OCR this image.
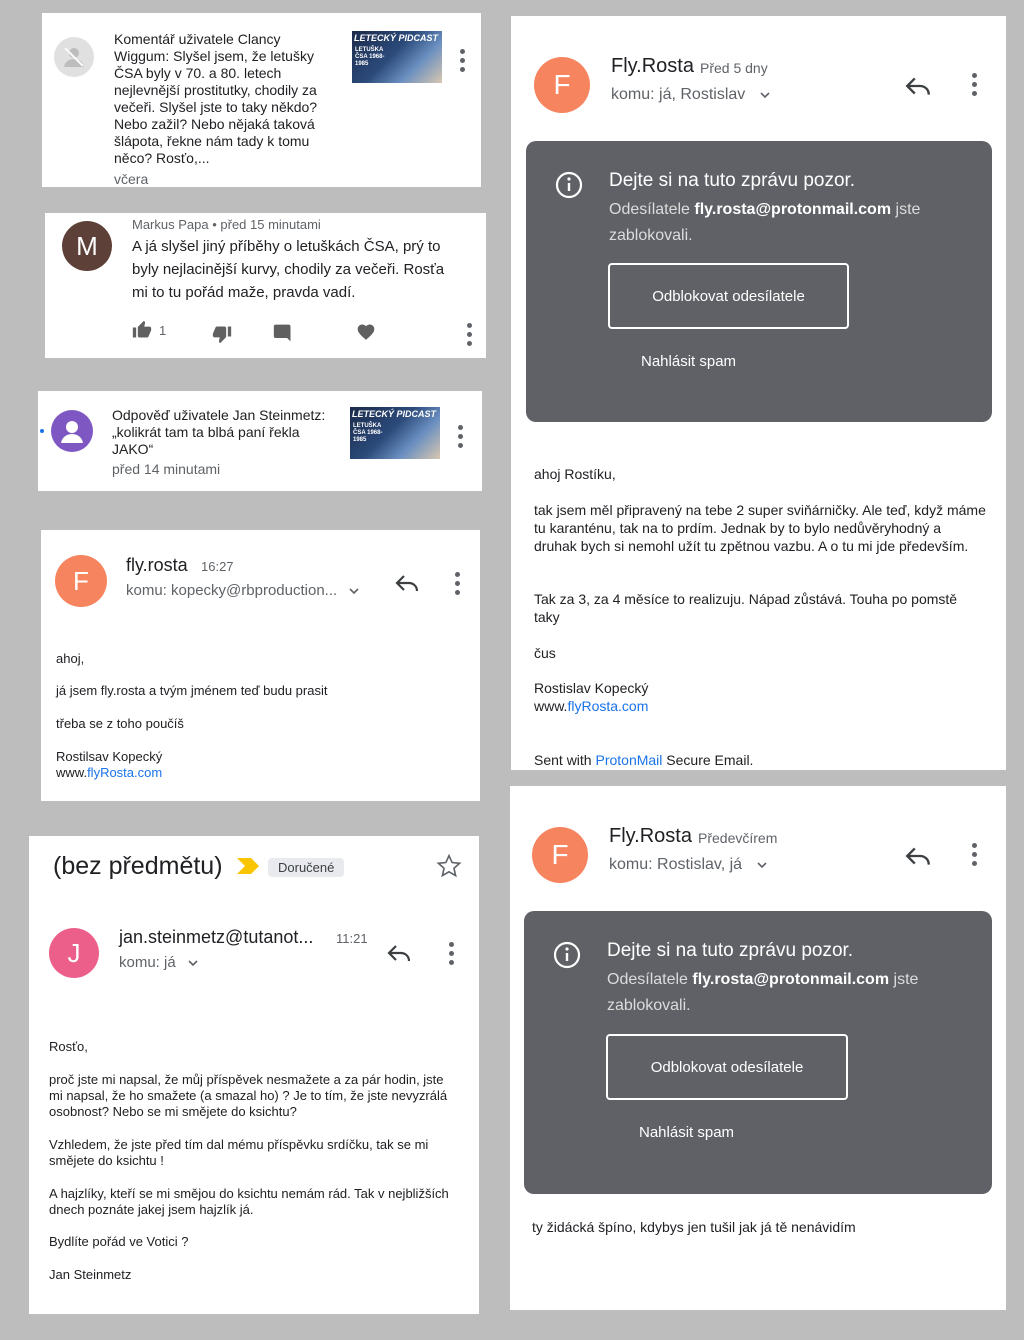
Komentář uživatele Clancy Wiggum: Slyšel jsem, že letušky ČSA byly v 70. a 80. letech nejlevnější prostitutky, chodily za večeři. Slyšel jste to taky někdo? Nebo zažil? Nebo nějaká taková šlápota, řekne nám tady k tomu něco? Rosťo,...
včera
LETECKÝ PIDCAST
LETUŠKA ČSA 1968-1985
M
Markus Papa • před 15 minutami
A já slyšel jiný příběhy o letuškách ČSA, prý to byly nejlacinější kurvy, chodily za večeři. Rosťa mi to tu pořád maže, pravda vadí.
1
Odpověď uživatele Jan Steinmetz: „kolikrát tam ta blbá paní řekla JAKO“
před 14 minutami
LETECKÝ PIDCAST
LETUŠKA ČSA 1968-1985
F
fly.rosta 16:27
komu: kopecky@rbproduction...
ahoj,
já jsem fly.rosta a tvým jménem teď budu prasit
třeba se z toho poučíš
Rostilsav Kopecký
www.flyRosta.com
(bez předmětu)	Doručené
J
jan.steinmetz@tutanot... 11:21
komu: já
Rosťo,
proč jste mi napsal, že můj příspěvek nesmažete a za pár hodin, jste mi napsal, že ho smažete (a smazal ho) ? Je to tím, že jste nevyzrálá osobnost? Nebo se mi smějete do ksichtu?
Vzhledem, že jste před tím dal mému příspěvku srdíčku, tak se mi smějete do ksichtu !
A hajzlíky, kteří se mi smějou do ksichtu nemám rád. Tak v nejbližších dnech poznáte jakej jsem hajzlík já.
Bydlíte pořád ve Votici ?
Jan Steinmetz
F
Fly.Rosta Před 5 dny
komu: já, Rostislav
Dejte si na tuto zprávu pozor.
Odesílatele fly.rosta@protonmail.com jste zablokovali.
Odblokovat odesílatele
Nahlásit spam
ahoj Rostíku,
tak jsem měl připravený na tebe 2 super sviňárničky. Ale teď, když máme tu karanténu, tak na to prdím. Jednak by to bylo nedůvěryhodný a druhak bych si nemohl užít tu zpětnou vazbu. A o tu mi jde především.
Tak za 3, za 4 měsíce to realizuju. Nápad zůstává. Touha po pomstě taky
čus
Rostislav Kopecký
www.flyRosta.com
Sent with ProtonMail Secure Email.
F
Fly.Rosta Předevčírem
komu: Rostislav, já
Dejte si na tuto zprávu pozor.
Odesílatele fly.rosta@protonmail.com jste zablokovali.
Odblokovat odesílatele
Nahlásit spam
ty židácká špíno, kdybys jen tušil jak já tě nenávidím
